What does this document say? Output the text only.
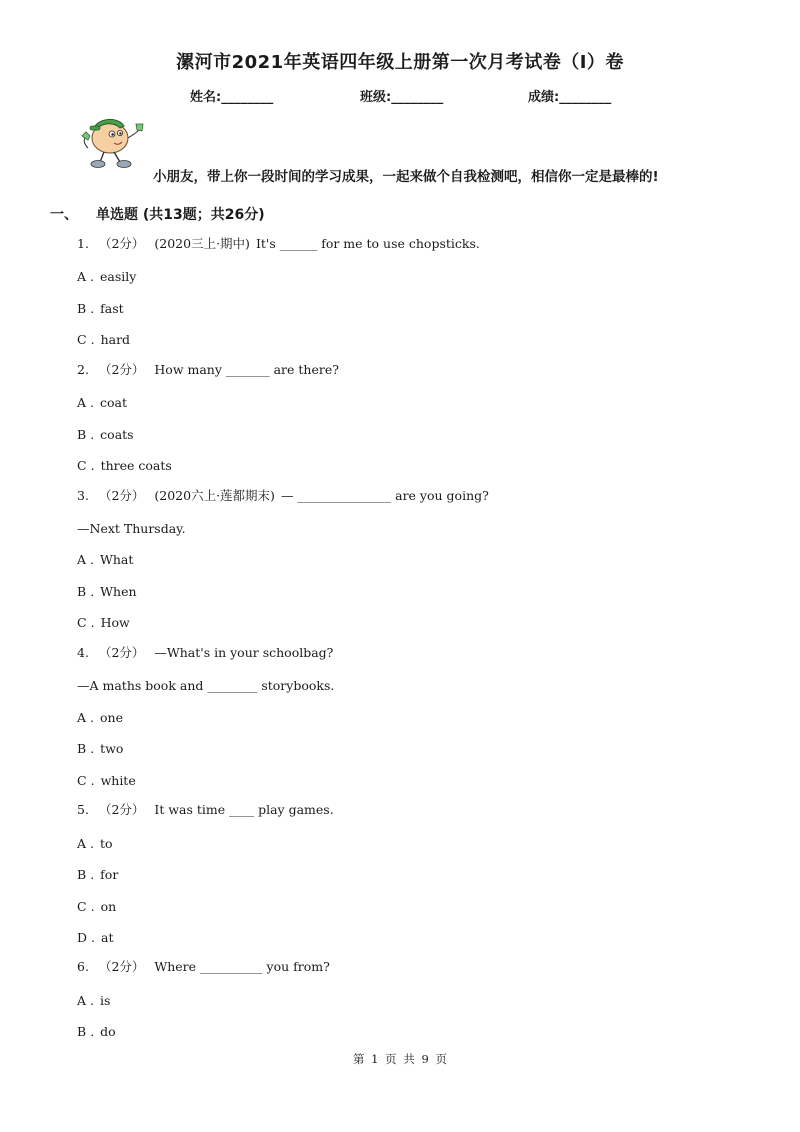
漯河市2021年英语四年级上册第一次月考试卷（I）卷
姓名:________	班级:________	成绩:________
小朋友，带上你一段时间的学习成果，一起来做个自我检测吧，相信你一定是最棒的!
一、 单选题 (共13题；共26分)
1. （2分） (2020三上·期中) It's ______ for me to use chopsticks.
A . easily
B . fast
C . hard
2. （2分） How many _______ are there?
A . coat
B . coats
C . three coats
3. （2分） (2020六上·莲都期末) — _______________ are you going?
—Next Thursday.
A . What
B . When
C . How
4. （2分） —What's in your schoolbag?
—A maths book and ________ storybooks.
A . one
B . two
C . white
5. （2分） It was time ____ play games.
A . to
B . for
C . on
D . at
6. （2分） Where __________ you from?
A . is
B . do
第 1 页 共 9 页
